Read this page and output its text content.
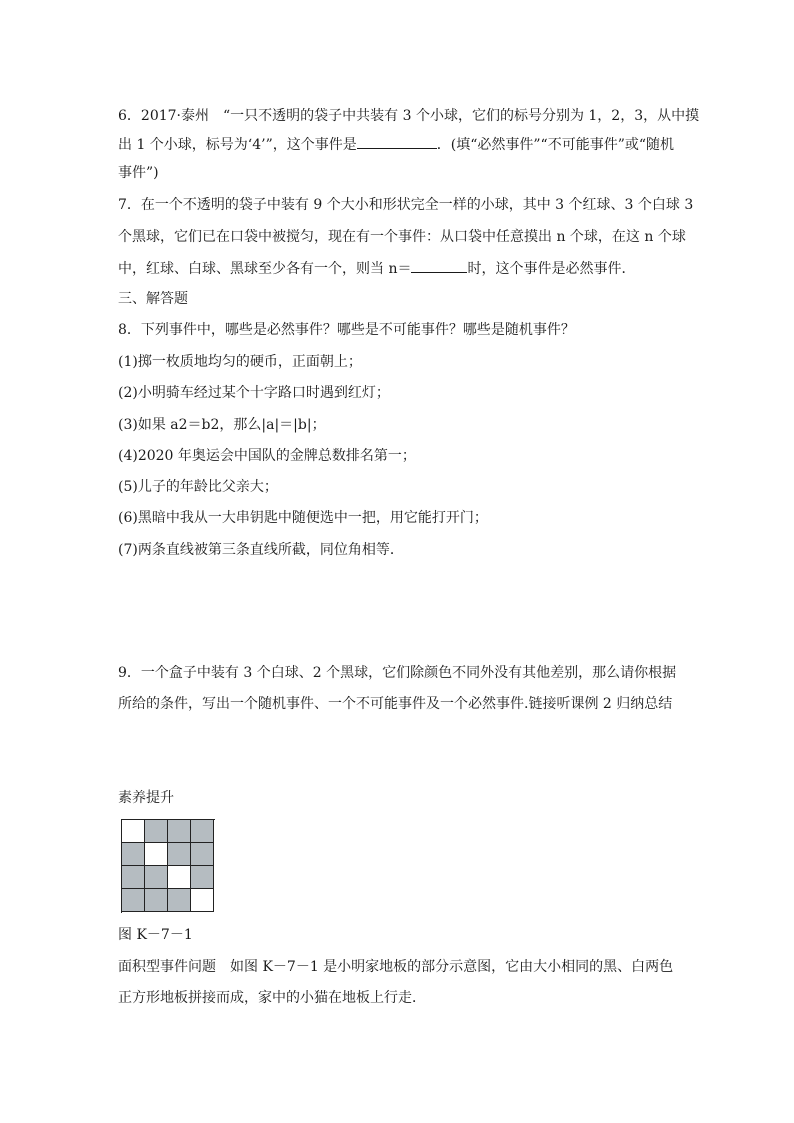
6．2017·泰州　“一只不透明的袋子中共装有 3 个小球，它们的标号分别为 1，2，3，从中摸
出 1 个小球，标号为‘4’”，这个事件是	．(填“必然事件”“不可能事件”或“随机
事件”)
7．在一个不透明的袋子中装有 9 个大小和形状完全一样的小球，其中 3 个红球、3 个白球 3
个黑球，它们已在口袋中被搅匀，现在有一个事件：从口袋中任意摸出 n 个球，在这 n 个球
中，红球、白球、黑球至少各有一个，则当 n＝	时，这个事件是必然事件．
三、解答题
8．下列事件中，哪些是必然事件？哪些是不可能事件？哪些是随机事件？
(1)掷一枚质地均匀的硬币，正面朝上；
(2)小明骑车经过某个十字路口时遇到红灯；
(3)如果 a2＝b2，那么|a|＝|b|；
(4)2020 年奥运会中国队的金牌总数排名第一；
(5)儿子的年龄比父亲大；
(6)黑暗中我从一大串钥匙中随便选中一把，用它能打开门；
(7)两条直线被第三条直线所截，同位角相等．
9．一个盒子中装有 3 个白球、2 个黑球，它们除颜色不同外没有其他差别，那么请你根据
所给的条件，写出一个随机事件、一个不可能事件及一个必然事件.链接听课例 2 归纳总结
素养提升
图 K－7－1
面积型事件问题　如图 K－7－1 是小明家地板的部分示意图，它由大小相同的黑、白两色
正方形地板拼接而成，家中的小猫在地板上行走．
